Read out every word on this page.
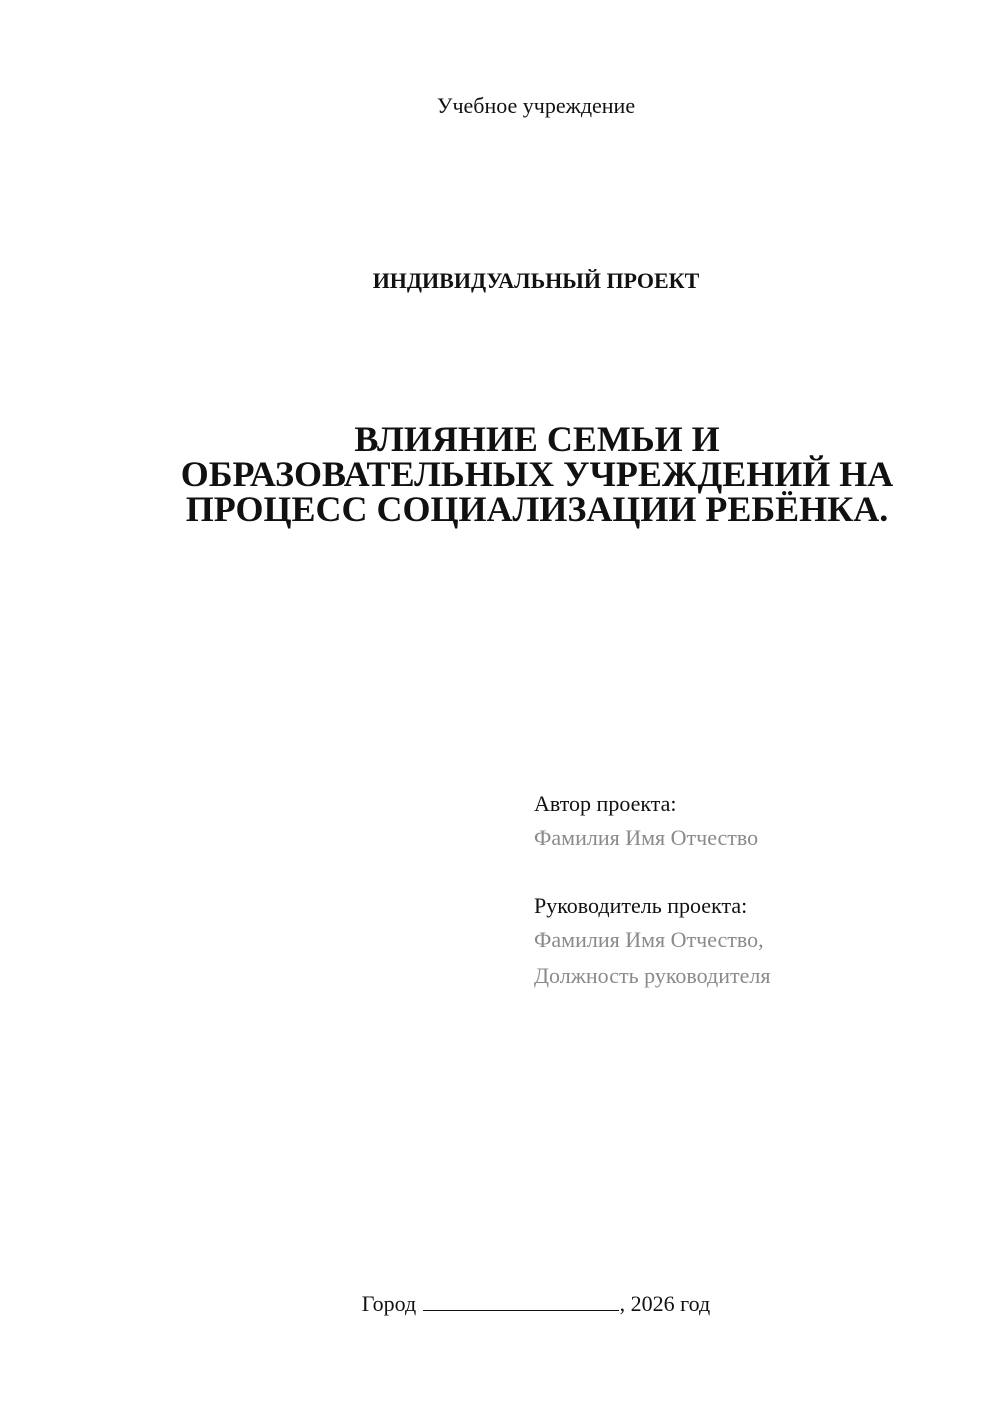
Учебное учреждение
ИНДИВИДУАЛЬНЫЙ ПРОЕКТ
ВЛИЯНИЕ СЕМЬИ И
ОБРАЗОВАТЕЛЬНЫХ УЧРЕЖДЕНИЙ НА
ПРОЦЕСС СОЦИАЛИЗАЦИИ РЕБЁНКА.
Автор проекта:
Фамилия Имя Отчество
Руководитель проекта:
Фамилия Имя Отчество,
Должность руководителя
Город	, 2026 год
